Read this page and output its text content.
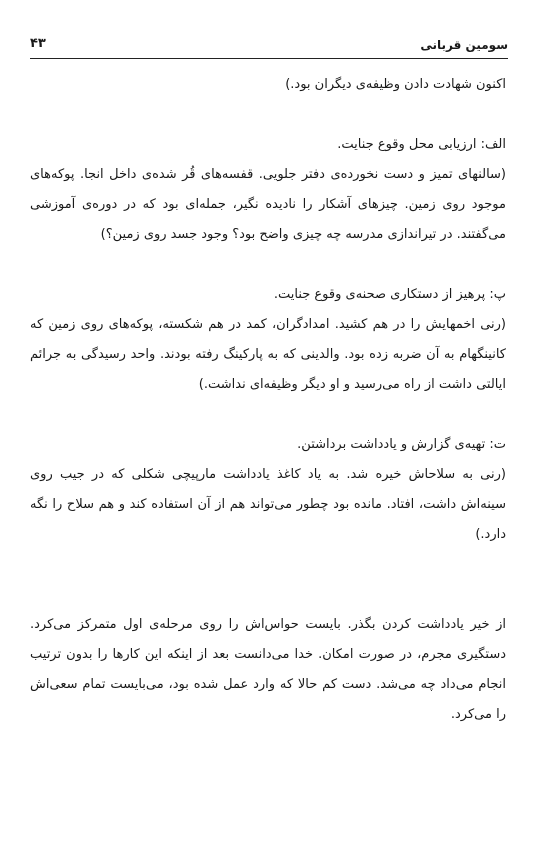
سومین قربانی
۴۳

اکنون شهادت دادن وظیفه‌ی دیگران بود.)

الف: ارزیابی محل وقوع جنایت.

(سالنهای تمیز و دست نخورده‌ی دفتر جلویی. قفسه‌های قُر شده‌ی داخل انجا. پوکه‌های موجود روی زمین. چیزهای آشکار را نادیده نگیر، جمله‌ای بود که در دوره‌ی آموزشی می‌گفتند. در تیراندازی مدرسه چه چیزی واضح بود؟ وجود جسد روی زمین؟)

پ: پرهیز از دستکاری صحنه‌ی وقوع جنایت.

(رنی اخمهایش را در هم کشید. امدادگران، کمد در هم شکسته، پوکه‌های روی زمین که کانینگهام به آن ضربه زده بود. والدینی که به پارکینگ رفته بودند. واحد رسیدگی به جرائم ایالتی داشت از راه می‌رسید و او دیگر وظیفه‌ای نداشت.)

ت: تهیه‌ی گزارش و یادداشت برداشتن.

(رنی به سلاحاش خیره شد. به یاد کاغذ یادداشت مارپیچی شکلی که در جیب روی سینه‌اش داشت، افتاد. مانده بود چطور می‌تواند هم از آن استفاده کند و هم سلاح را نگه دارد.)

از خیر یادداشت کردن بگذر. بایست حواس‌اش را روی مرحله‌ی اول متمرکز می‌کرد. دستگیری مجرم، در صورت امکان. خدا می‌دانست بعد از اینکه این کارها را بدون ترتیب انجام می‌داد چه می‌شد. دست کم حالا که وارد عمل شده بود، می‌بایست تمام سعی‌اش را می‌کرد.
